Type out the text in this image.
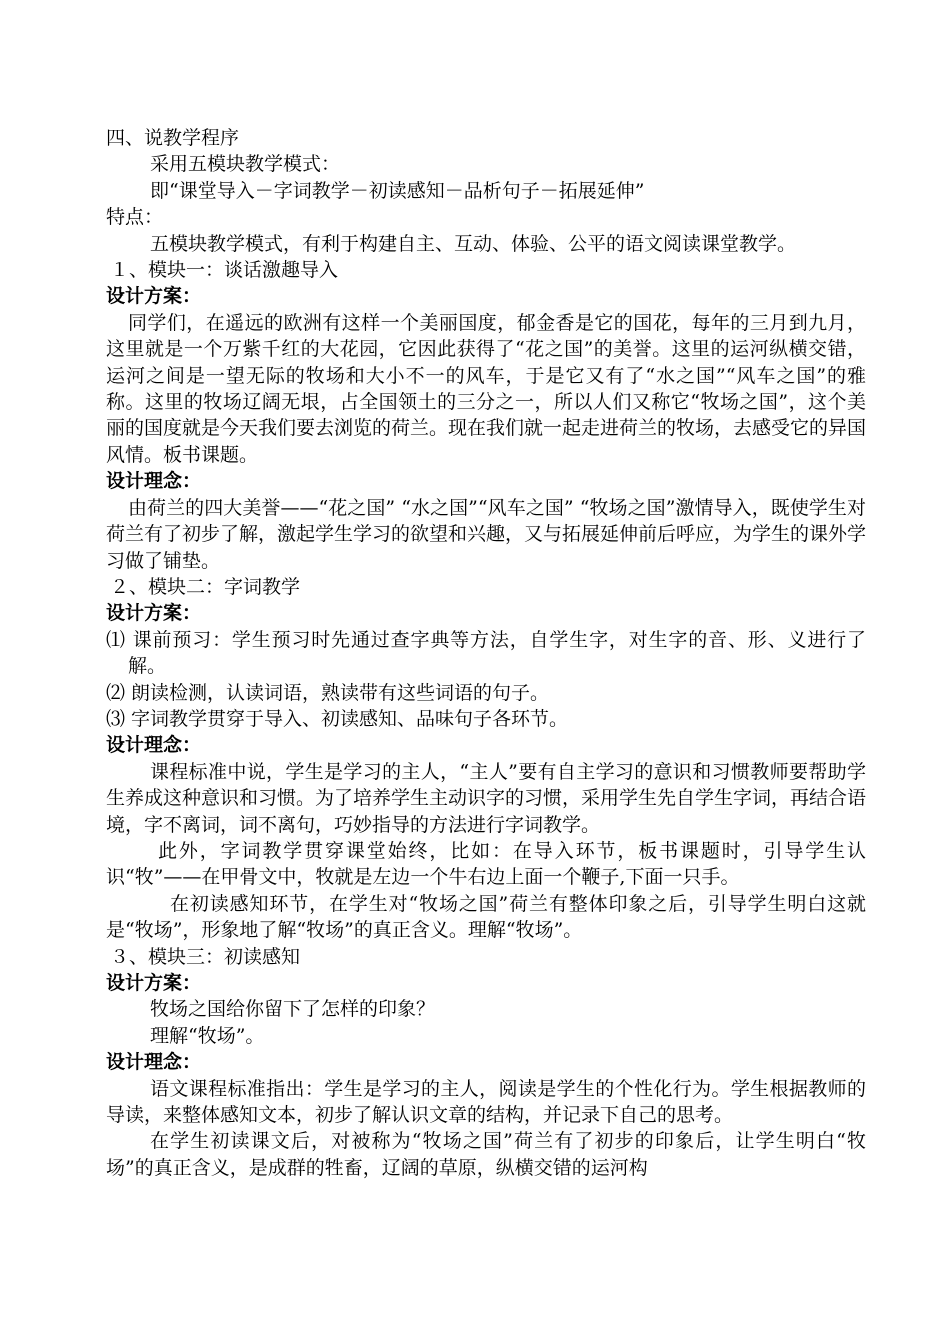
四、说教学程序

采用五模块教学模式：

即“课堂导入－字词教学－初读感知－品析句子－拓展延伸”

特点：

五模块教学模式，有利于构建自主、互动、体验、公平的语文阅读课堂教学。

１、模块一：谈话激趣导入

设计方案：

同学们，在遥远的欧洲有这样一个美丽国度，郁金香是它的国花，每年的三月到九月，这里就是一个万紫千红的大花园，它因此获得了“花之国”的美誉。这里的运河纵横交错，运河之间是一望无际的牧场和大小不一的风车，于是它又有了“水之国”“风车之国”的雅称。这里的牧场辽阔无垠，占全国领土的三分之一，所以人们又称它“牧场之国”，这个美丽的国度就是今天我们要去浏览的荷兰。现在我们就一起走进荷兰的牧场，去感受它的异国风情。板书课题。

设计理念：

由荷兰的四大美誉——“花之国” “水之国”“风车之国” “牧场之国”激情导入，既使学生对荷兰有了初步了解，激起学生学习的欲望和兴趣，又与拓展延伸前后呼应，为学生的课外学习做了铺垫。

２、模块二：字词教学

设计方案：

⑴ 课前预习：学生预习时先通过查字典等方法，自学生字，对生字的音、形、义进行了解。

⑵ 朗读检测，认读词语，熟读带有这些词语的句子。

⑶ 字词教学贯穿于导入、初读感知、品味句子各环节。

设计理念：

课程标准中说，学生是学习的主人，“主人”要有自主学习的意识和习惯教师要帮助学生养成这种意识和习惯。为了培养学生主动识字的习惯，采用学生先自学生字词，再结合语境，字不离词，词不离句，巧妙指导的方法进行字词教学。

此外，字词教学贯穿课堂始终，比如：在导入环节，板书课题时，引导学生认识“牧”——在甲骨文中，牧就是左边一个牛右边上面一个鞭子,下面一只手。

在初读感知环节，在学生对“牧场之国”荷兰有整体印象之后，引导学生明白这就是“牧场”，形象地了解“牧场”的真正含义。理解“牧场”。

３、模块三：初读感知

设计方案：

牧场之国给你留下了怎样的印象？

理解“牧场”。

设计理念：

语文课程标准指出：学生是学习的主人，阅读是学生的个性化行为。学生根据教师的导读，来整体感知文本，初步了解认识文章的结构，并记录下自己的思考。

在学生初读课文后，对被称为“牧场之国”荷兰有了初步的印象后，让学生明白“牧场”的真正含义，是成群的牲畜，辽阔的草原，纵横交错的运河构
